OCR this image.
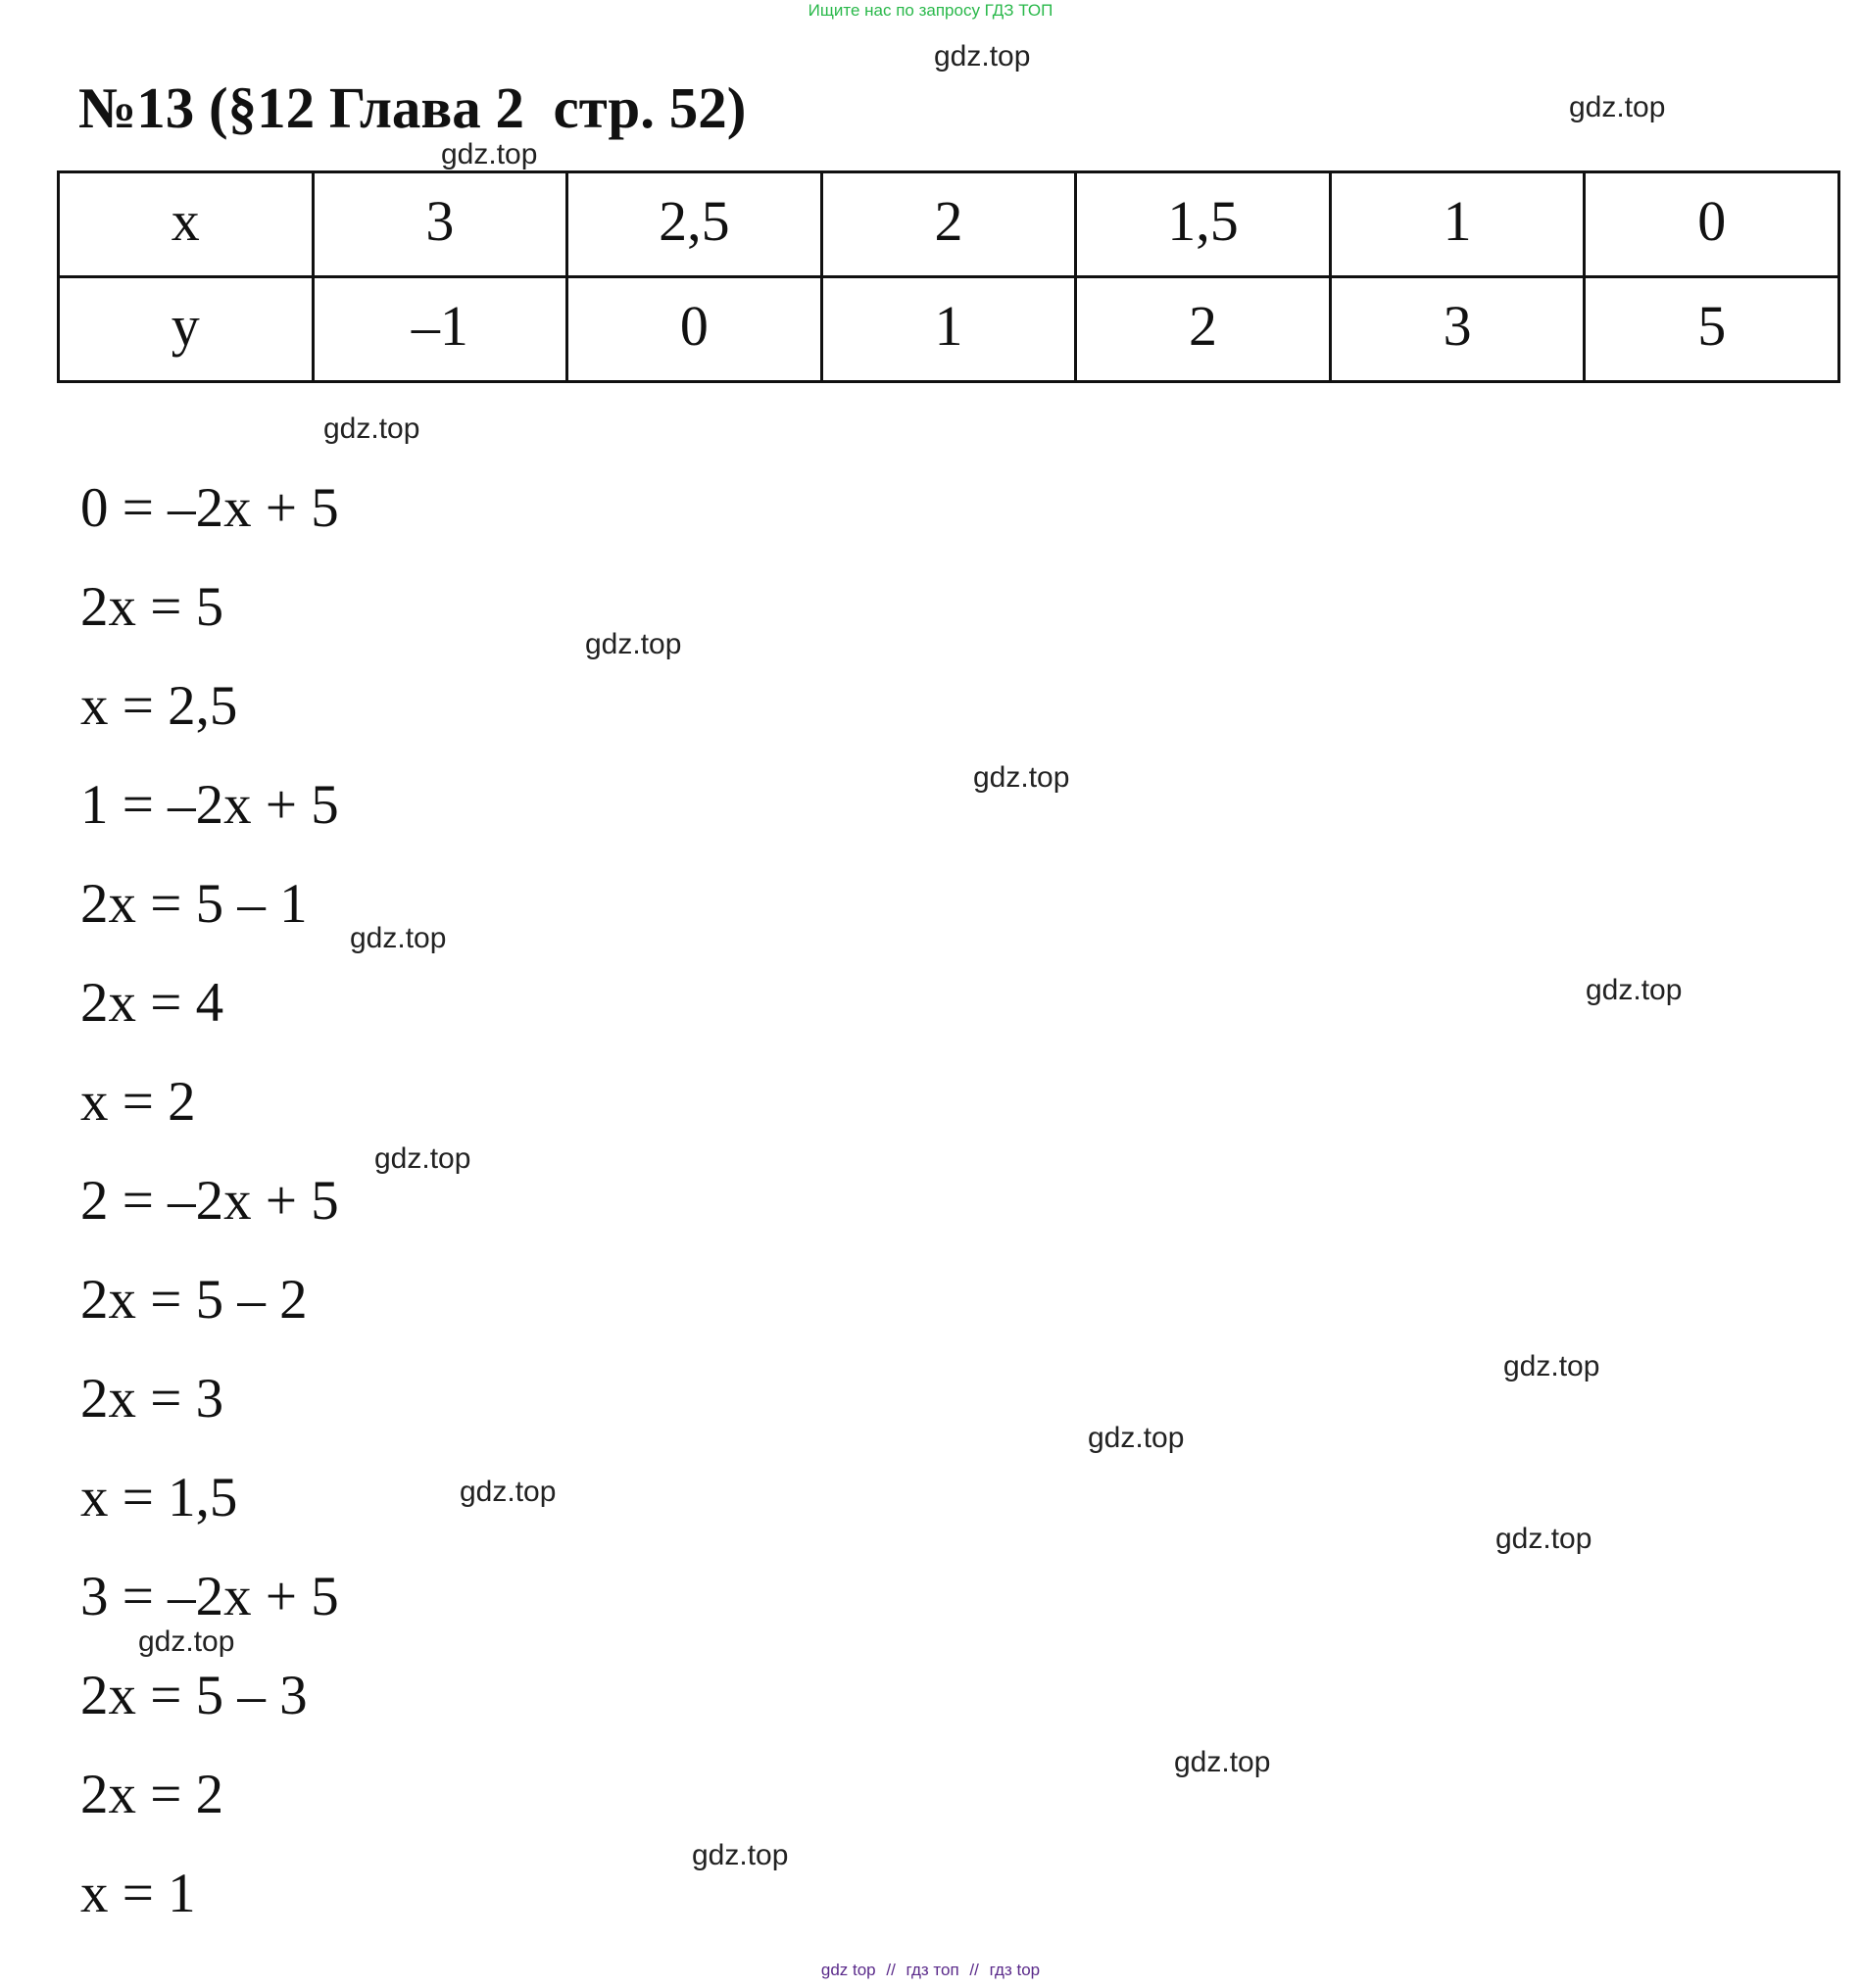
Ищите нас по запросу ГДЗ ТОП
№13 (§12 Глава 2  стр. 52)
x	3	2,5	2	1,5	1	0
y	–1	0	1	2	3	5
0 = –2x + 5
2x = 5
x = 2,5
1 = –2x + 5
2x = 5 – 1
2x = 4
x = 2
2 = –2x + 5
2x = 5 – 2
2x = 3
x = 1,5
3 = –2x + 5
2x = 5 – 3
2x = 2
x = 1
gdz.top
gdz.top
gdz.top
gdz.top
gdz.top
gdz.top
gdz.top
gdz.top
gdz.top
gdz.top
gdz.top
gdz.top
gdz.top
gdz.top
gdz.top
gdz.top
gdz top // гдз топ // гдз top
